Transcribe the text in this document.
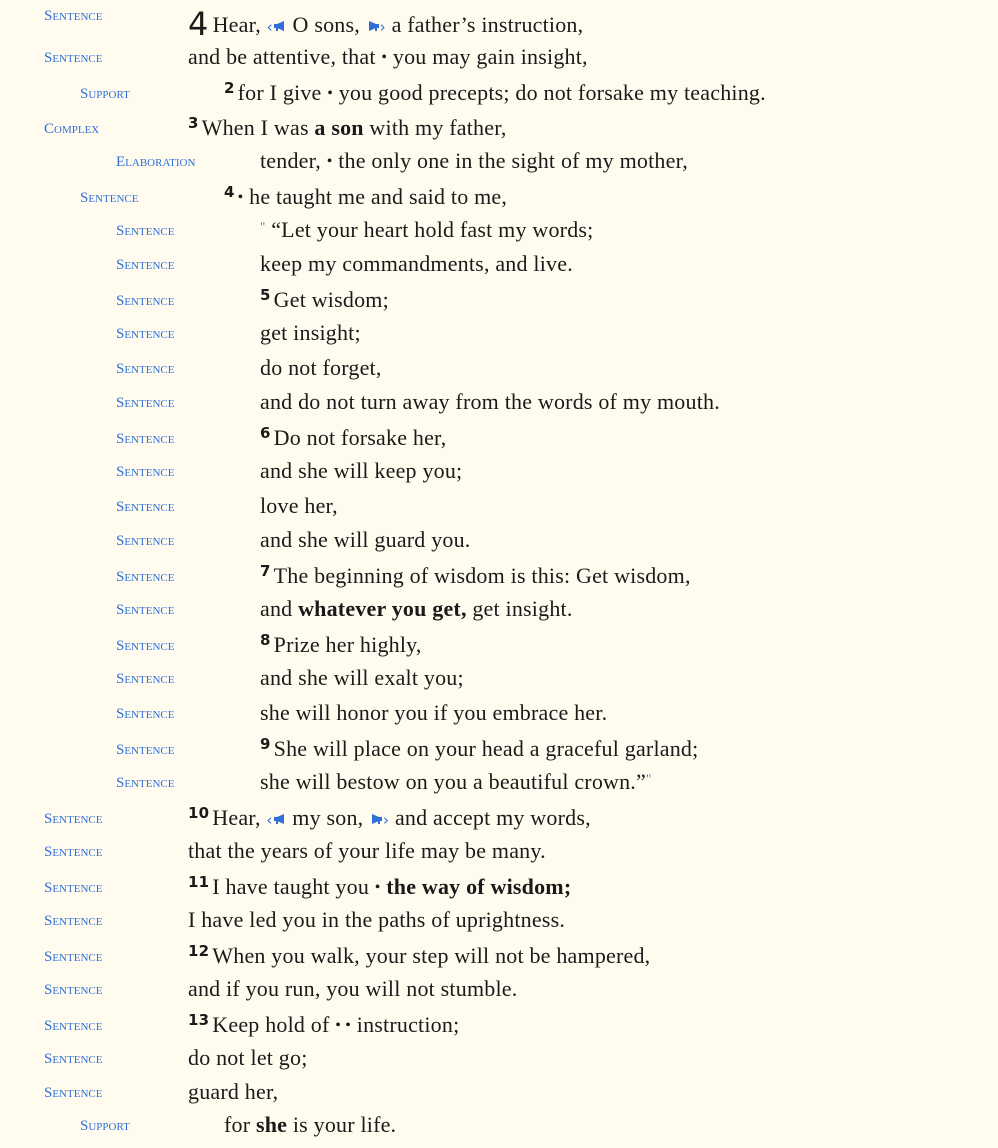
Sentence	4 Hear, ‹ O sons, › a father’s instruction,
Sentence	and be attentive, that • you may gain insight,
Support	$^2$ for I give • you good precepts; do not forsake my teaching.
Complex	$^3$ When I was a son with my father,
Elaboration	tender, • the only one in the sight of my mother,
Sentence	$^4$ • he taught me and said to me,
Sentence	" “Let your heart hold fast my words;
Sentence	keep my commandments, and live.
Sentence	$^5$ Get wisdom;
Sentence	get insight;
Sentence	do not forget,
Sentence	and do not turn away from the words of my mouth.
Sentence	$^6$ Do not forsake her,
Sentence	and she will keep you;
Sentence	love her,
Sentence	and she will guard you.
Sentence	$^7$ The beginning of wisdom is this: Get wisdom,
Sentence	and whatever you get, get insight.
Sentence	$^8$ Prize her highly,
Sentence	and she will exalt you;
Sentence	she will honor you if you embrace her.
Sentence	$^9$ She will place on your head a graceful garland;
Sentence	she will bestow on you a beautiful crown.”"
Sentence	$^{10}$ Hear, ‹ my son, › and accept my words,
Sentence	that the years of your life may be many.
Sentence	$^{11}$ I have taught you • the way of wisdom;
Sentence	I have led you in the paths of uprightness.
Sentence	$^{12}$ When you walk, your step will not be hampered,
Sentence	and if you run, you will not stumble.
Sentence	$^{13}$ Keep hold of • • instruction;
Sentence	do not let go;
Sentence	guard her,
Support	for she is your life.
